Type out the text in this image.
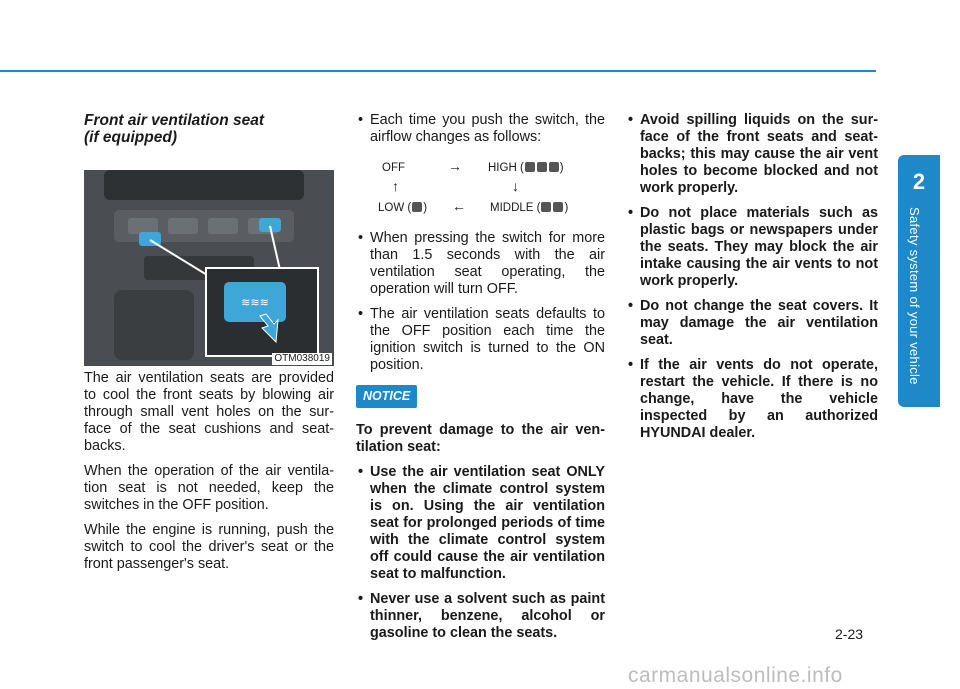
2
Safety system of your vehicle
Front air ventilation seat
(if equipped)
≋≋≋
OTM038019

The air ventilation seats are provided to cool the front seats by blowing air through small vent holes on the sur-face of the seat cushions and seat-backs.

When the operation of the air ventila-tion seat is not needed, keep the switches in the OFF position.

While the engine is running, push the switch to cool the driver's seat or the front passenger's seat.

• Each time you push the switch, the airflow changes as follows:
OFF	→ HIGH (	)
↑	↓
LOW ( ) ← MIDDLE ( )
• When pressing the switch for more than 1.5 seconds with the air ventilation seat operating, the operation will turn OFF.
• The air ventilation seats defaults to the OFF position each time the ignition switch is turned to the ON position.
NOTICE

To prevent damage to the air ven-tilation seat:

• Use the air ventilation seat ONLY when the climate control system is on. Using the air ventilation seat for prolonged periods of time with the climate control system off could cause the air ventilation seat to malfunction.
• Never use a solvent such as paint thinner, benzene, alcohol or gasoline to clean the seats.
• Avoid spilling liquids on the sur-face of the front seats and seat-backs; this may cause the air vent holes to become blocked and not work properly.
• Do not place materials such as plastic bags or newspapers under the seats. They may block the air intake causing the air vents to not work properly.
• Do not change the seat covers. It may damage the air ventilation seat.
• If the air vents do not operate, restart the vehicle. If there is no change, have the vehicle inspected by an authorized HYUNDAI dealer.
2-23
carmanualsonline.info
